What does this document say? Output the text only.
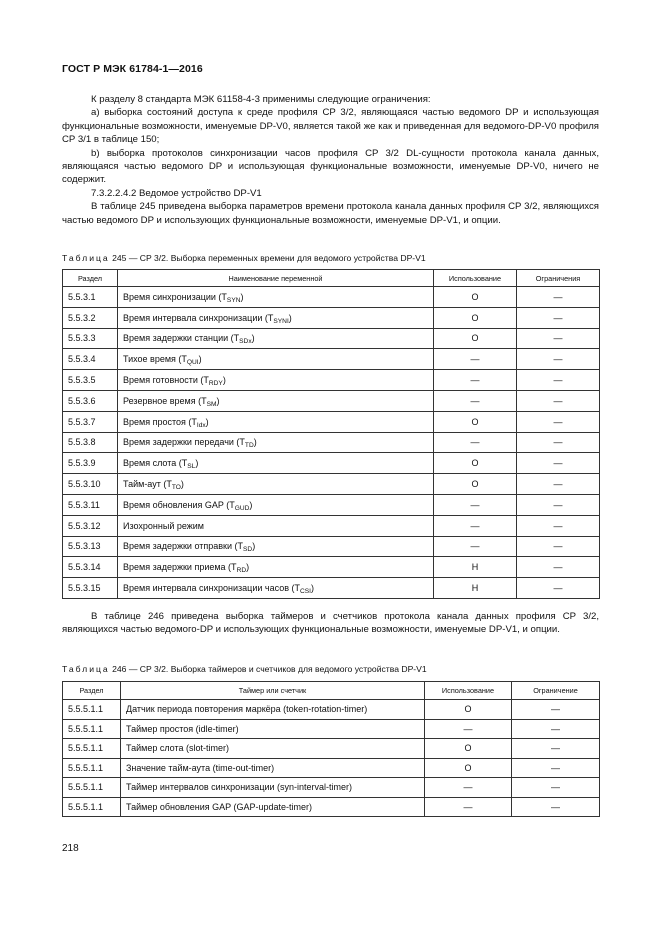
ГОСТ Р МЭК 61784-1—2016

К разделу 8 стандарта МЭК 61158-4-3 применимы следующие ограничения:

a) выборка состояний доступа к среде профиля CP 3/2, являющаяся частью ведомого DP и использующая функциональные возможности, именуемые DP-V0, является такой же как и приведенная для ведомого-DP-V0 профиля CP 3/1 в таблице 150;

b) выборка протоколов синхронизации часов профиля CP 3/2 DL-сущности протокола канала данных, являющаяся частью ведомого DP и использующая функциональные возможности, именуемые DP-V0, ничего не содержит.

7.3.2.2.4.2 Ведомое устройство DP-V1

В таблице 245 приведена выборка параметров времени протокола канала данных профиля CP 3/2, являющихся частью ведомого DP и использующих функциональные возможности, именуемые DP-V1, и опции.

Таблица 245 — CP 3/2. Выборка переменных времени для ведомого устройства DP-V1
Раздел	Наименование переменной	Использование	Ограничения
5.5.3.1	Время синхронизации $(T_{SYN})$	O	—
5.5.3.2	Время интервала синхронизации $(T_{SYNI})$	O	—
5.5.3.3	Время задержки станции $(T_{SDx})$	O	—
5.5.3.4	Тихое время $(T_{QUI})$	—	—
5.5.3.5	Время готовности $(T_{RDY})$	—	—
5.5.3.6	Резервное время $(T_{SM})$	—	—
5.5.3.7	Время простоя $(T_{Idx})$	O	—
5.5.3.8	Время задержки передачи $(T_{TD})$	—	—
5.5.3.9	Время слота $(T_{SL})$	O	—
5.5.3.10	Тайм-аут $(T_{TO})$	O	—
5.5.3.11	Время обновления GAP $(T_{GUD})$	—	—
5.5.3.12	Изохронный режим	—	—
5.5.3.13	Время задержки отправки $(T_{SD})$	—	—
5.5.3.14	Время задержки приема $(T_{RD})$	H	—
5.5.3.15	Время интервала синхронизации часов $(T_{CSI})$	H	—

В таблице 246 приведена выборка таймеров и счетчиков протокола канала данных профиля CP 3/2, являющихся частью ведомого-DP и использующих функциональные возможности, именуемые DP-V1, и опции.

Таблица 246 — CP 3/2. Выборка таймеров и счетчиков для ведомого устройства DP-V1
Раздел	Таймер или счетчик	Использование	Ограничение
5.5.5.1.1	Датчик периода повторения маркёра (token-rotation-timer)	O	—
5.5.5.1.1	Таймер простоя (idle-timer)	—	—
5.5.5.1.1	Таймер слота (slot-timer)	O	—
5.5.5.1.1	Значение тайм-аута (time-out-timer)	O	—
5.5.5.1.1	Таймер интервалов синхронизации (syn-interval-timer)	—	—
5.5.5.1.1	Таймер обновления GAP (GAP-update-timer)	—	—
218
